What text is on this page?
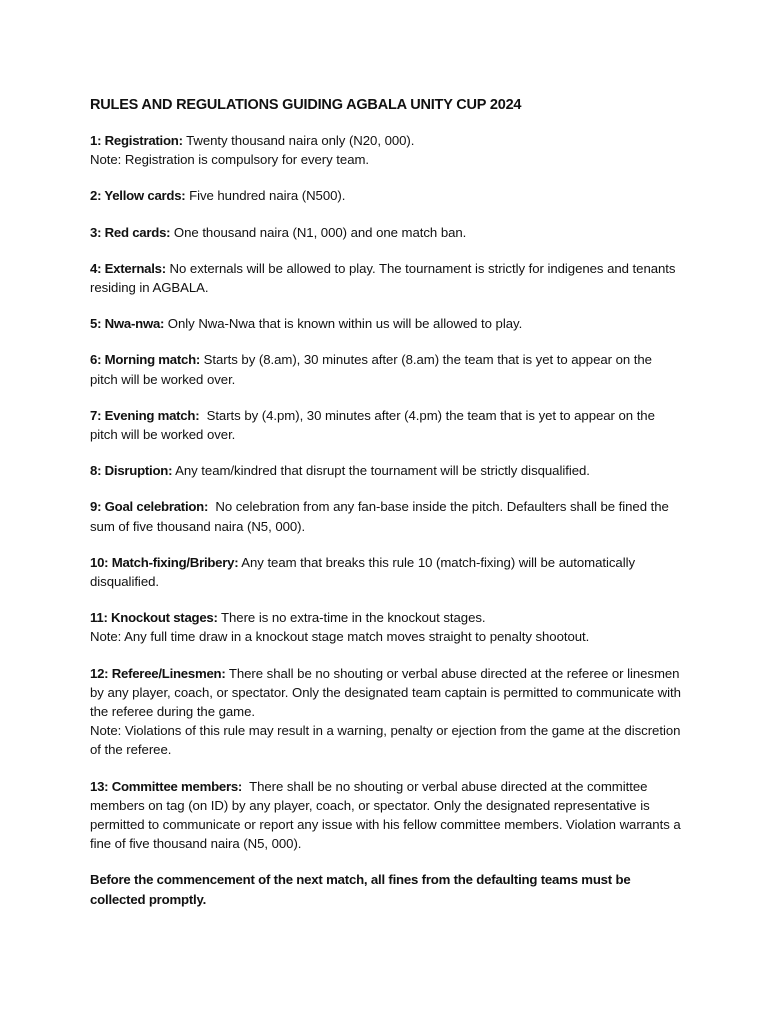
RULES AND REGULATIONS GUIDING AGBALA UNITY CUP 2024

1: Registration: Twenty thousand naira only (N20, 000).

Note: Registration is compulsory for every team.

2: Yellow cards: Five hundred naira (N500).

3: Red cards: One thousand naira (N1, 000) and one match ban.

4: Externals: No externals will be allowed to play. The tournament is strictly for indigenes and tenants residing in AGBALA.

5: Nwa-nwa: Only Nwa-Nwa that is known within us will be allowed to play.

6: Morning match: Starts by (8.am), 30 minutes after (8.am) the team that is yet to appear on the pitch will be worked over.

7: Evening match:  Starts by (4.pm), 30 minutes after (4.pm) the team that is yet to appear on the pitch will be worked over.

8: Disruption: Any team/kindred that disrupt the tournament will be strictly disqualified.

9: Goal celebration:  No celebration from any fan-base inside the pitch. Defaulters shall be fined the sum of five thousand naira (N5, 000).

10: Match-fixing/Bribery: Any team that breaks this rule 10 (match-fixing) will be automatically disqualified.

11: Knockout stages: There is no extra-time in the knockout stages.

Note: Any full time draw in a knockout stage match moves straight to penalty shootout.

12: Referee/Linesmen: There shall be no shouting or verbal abuse directed at the referee or linesmen by any player, coach, or spectator. Only the designated team captain is permitted to communicate with the referee during the game.

Note: Violations of this rule may result in a warning, penalty or ejection from the game at the discretion of the referee.

13: Committee members:  There shall be no shouting or verbal abuse directed at the committee members on tag (on ID) by any player, coach, or spectator. Only the designated representative is permitted to communicate or report any issue with his fellow committee members. Violation warrants a fine of five thousand naira (N5, 000).

Before the commencement of the next match, all fines from the defaulting teams must be collected promptly.
